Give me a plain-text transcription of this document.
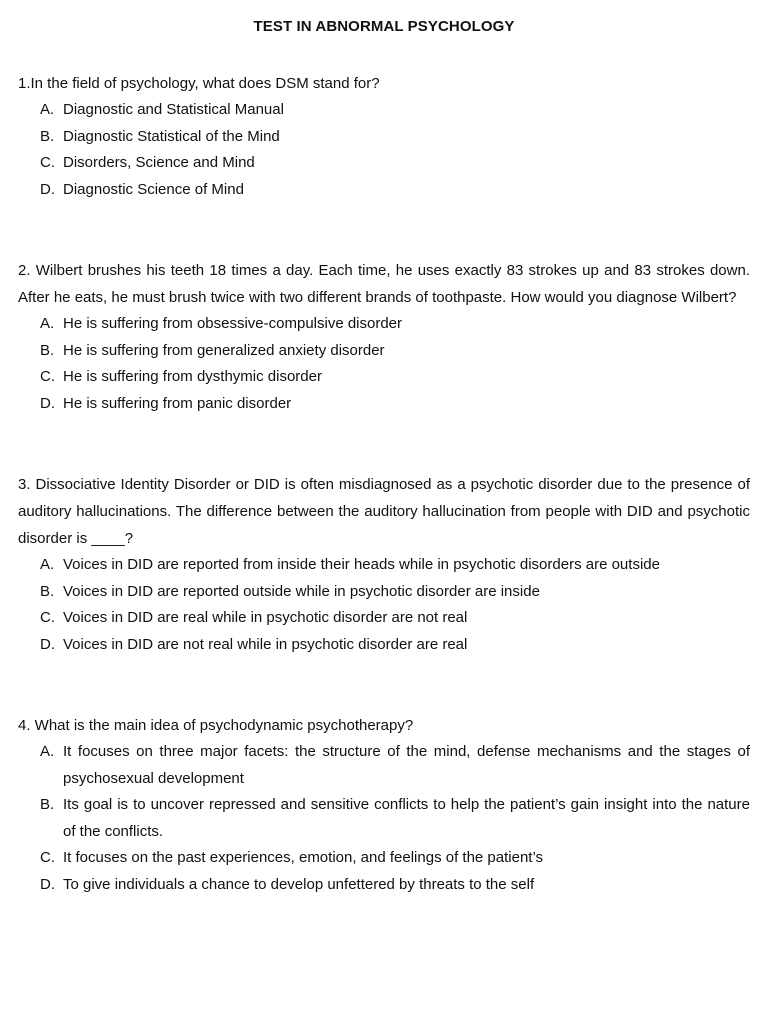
TEST IN ABNORMAL PSYCHOLOGY

1.In the field of psychology, what does DSM stand for?

A. Diagnostic and Statistical Manual
B. Diagnostic Statistical of the Mind
C. Disorders, Science and Mind
D. Diagnostic Science of Mind

2. Wilbert brushes his teeth 18 times a day. Each time, he uses exactly 83 strokes up and 83 strokes down. After he eats, he must brush twice with two different brands of toothpaste. How would you diagnose Wilbert?

A. He is suffering from obsessive-compulsive disorder
B. He is suffering from generalized anxiety disorder
C. He is suffering from dysthymic disorder
D. He is suffering from panic disorder

3. Dissociative Identity Disorder or DID is often misdiagnosed as a psychotic disorder due to the presence of auditory hallucinations. The difference between the auditory hallucination from people with DID and psychotic disorder is ____?

A. Voices in DID are reported from inside their heads while in psychotic disorders are outside
B. Voices in DID are reported outside while in psychotic disorder are inside
C. Voices in DID are real while in psychotic disorder are not real
D. Voices in DID are not real while in psychotic disorder are real

4. What is the main idea of psychodynamic psychotherapy?

A. It focuses on three major facets: the structure of the mind, defense mechanisms and the stages of psychosexual development
B. Its goal is to uncover repressed and sensitive conflicts to help the patient’s gain insight into the nature of the conflicts.
C. It focuses on the past experiences, emotion, and feelings of the patient’s
D. To give individuals a chance to develop unfettered by threats to the self
